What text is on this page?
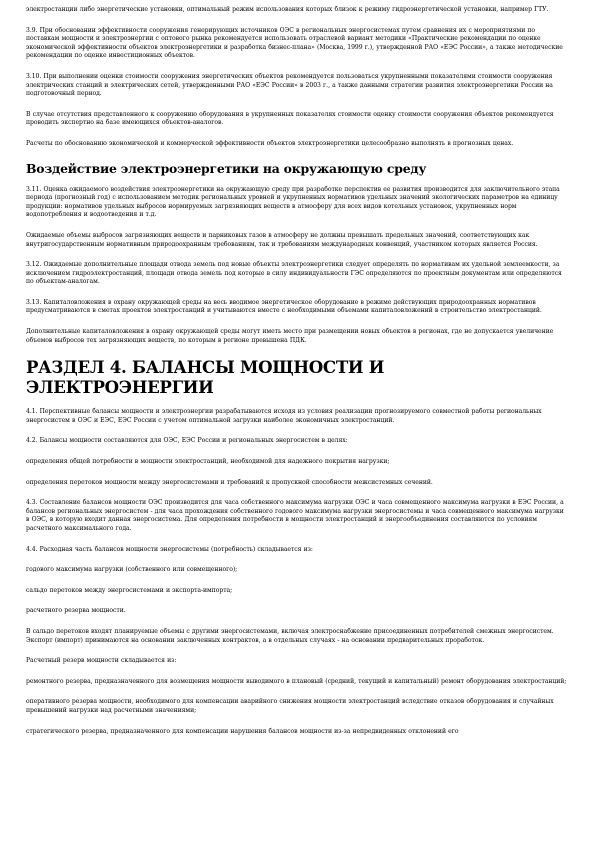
электростанции либо энергетические установки, оптимальный режим использования которых близок к режиму гидроэнергетической установки, например ГТУ.

3.9. При обосновании эффективности сооружения генерирующих источников ОЭС в региональных энергосистемах путем сравнения их с мероприятиями по поставкам мощности и электроэнергии с оптового рынка рекомендуется использовать отраслевой вариант методики «Практические рекомендации по оценке экономической эффективности объектов электроэнергетики и разработка бизнес-плана» (Москва, 1999 г.), утвержденной РАО «ЕЭС России», а также методические рекомендации по оценке инвестиционных объектов.

3.10. При выполнении оценки стоимости сооружения энергетических объектов рекомендуется пользоваться укрупненными показателями стоимости сооружения электрических станций и электрических сетей, утвержденными РАО «ЕЭС России» в 2003 г., а также данными стратегии развития электроэнергетики России на подготовочный период.

В случае отсутствия представленного к сооружению оборудования в укрупненных показателях стоимости оценку стоимости сооружения объектов рекомендуется проводить экспертно на базе имеющихся объектов-аналогов.

Расчеты по обоснованию экономической и коммерческой эффективности объектов электроэнергетики целесообразно выполнять в прогнозных ценах.

Воздействие электроэнергетики на окружающую среду

3.11. Оценка ожидаемого воздействия электроэнергетики на окружающую среду при разработке перспектив ее развития производится для заключительного этапа периода (прогнозный год) с использованием методик региональных уровней и укрупненных нормативов удельных значений экологических параметров на единицу продукции: нормативов удельных выбросов нормируемых загрязняющих веществ в атмосферу для всех видов котельных установок, укрупненных норм водопотребления и водоотведения и т.д.

Ожидаемые объемы выбросов загрязняющих веществ и парниковых газов в атмосферу не должны превышать предельных значений, соответствующих как внутригосударственным нормативным природоохранным требованиям, так и требованиям международных конвенций, участником которых является Россия.

3.12. Ожидаемые дополнительные площади отвода земель под новые объекты электроэнергетики следует определять по нормативам их удельной землеемкости, за исключением гидроэлектростанций, площади отвода земель под которые в силу индивидуальности ГЭС определяются по проектным документам или определяются по объектам-аналогам.

3.13. Капиталовложения в охрану окружающей среды на весь вводимое энергетическое оборудование в режиме действующих природоохранных нормативов предусматриваются в сметах проектов электростанций и учитываются вместе с необходимыми объемами капиталовложений в строительство электростанций.

Дополнительные капиталовложения в охрану окружающей среды могут иметь место при размещении новых объектов в регионах, где не допускается увеличение объемов выбросов тех загрязняющих веществ, по которым в регионе превышена ПДК.

РАЗДЕЛ 4. БАЛАНСЫ МОЩНОСТИ И ЭЛЕКТРОЭНЕРГИИ

4.1. Перспективные балансы мощности и электроэнергии разрабатываются исходя из условия реализации прогнозируемого совместной работы региональных энергосистем в ОЭС и ЕЭС, ЕЭС России с учетом оптимальной загрузки наиболее экономичных электростанций.

4.2. Балансы мощности составляются для ОЭС, ЕЭС России и региональных энергосистем в целях:

определения общей потребности в мощности электростанций, необходимой для надежного покрытия нагрузки;

определения перетоков мощности между энергосистемами и требований к пропускной способности межсистемных сечений.

4.3. Составление балансов мощности ОЭС производится для часа собственного максимума нагрузки ОЭС и часа совмещенного максимума нагрузки в ЕЭС России, а балансов региональных энергосистем - для часа прохождения собственного годового максимума нагрузки энергосистемы и часа совмещенного максимума нагрузки в ОЭС, в которую входит данная энергосистема. Для определения потребности в мощности электростанций и энергообъединения составляются по условиям расчетного максимального года.

4.4. Расходная часть балансов мощности энергосистемы (потребность) складывается из:

годового максимума нагрузки (собственного или совмещенного);

сальдо перетоков между энергосистемами и экспорта-импорта;

расчетного резерва мощности.

В сальдо перетоков входят планируемые объемы с другими энергосистемами, включая электроснабжение присоединенных потребителей смежных энергосистем. Экспорт (импорт) принимаются на основании заключенных контрактов, а в отдельных случаях - на основании предварительных проработок.

Расчетный резерв мощности складывается из:

ремонтного резерва, предназначенного для возмещения мощности выводимого в плановый (средний, текущий и капитальный) ремонт оборудования электростанций;

оперативного резерва мощности, необходимого для компенсации аварийного снижения мощности электростанций вследствие отказов оборудования и случайных превышений нагрузки над расчетными значениями;

стратегического резерва, предназначенного для компенсации нарушения балансов мощности из-за непредвиденных отклонений его
